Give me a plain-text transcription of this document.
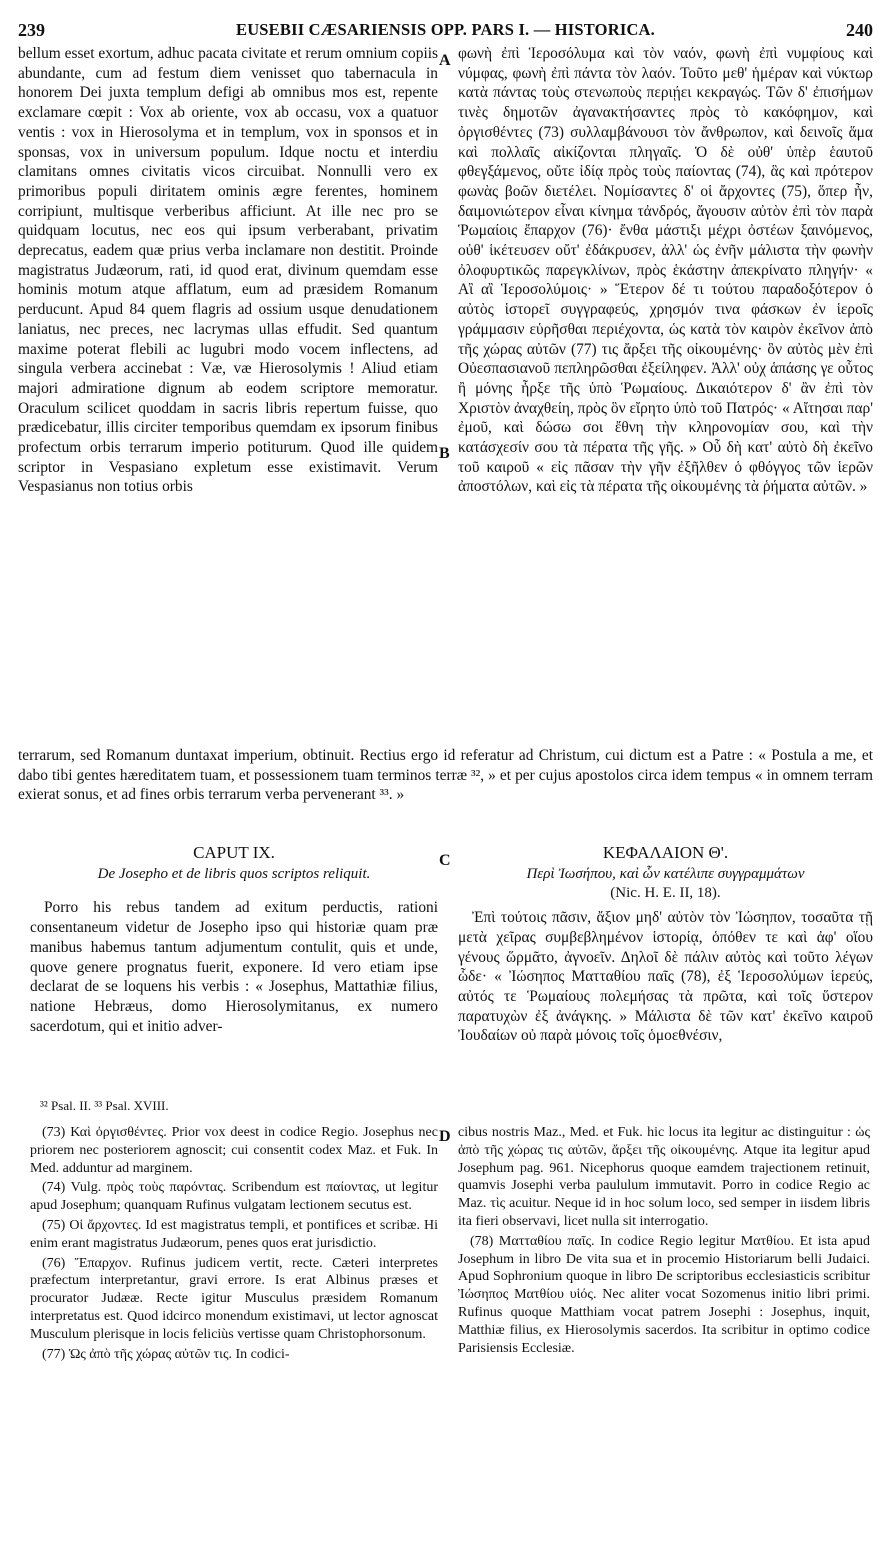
239	EUSEBII CÆSARIENSIS OPP. PARS I. — HISTORICA.	240

bellum esset exortum, adhuc pacata civitate et rerum omnium copiis abundante, cum ad festum diem venisset quo tabernacula in honorem Dei juxta templum defigi ab omnibus mos est, repente exclamare cœpit : Vox ab oriente, vox ab occasu, vox a quatuor ventis : vox in Hierosolyma et in templum, vox in sponsos et in sponsas, vox in universum populum. Idque noctu et interdiu clamitans omnes civitatis vicos circuibat. Nonnulli vero ex primoribus populi diritatem ominis ægre ferentes, hominem corripiunt, multisque verberibus afficiunt. At ille nec pro se quidquam locutus, nec eos qui ipsum verberabant, privatim deprecatus, eadem quæ prius verba inclamare non destitit. Proinde magistratus Judæorum, rati, id quod erat, divinum quemdam esse hominis motum atque afflatum, eum ad præsidem Romanum perducunt. Apud 84 quem flagris ad ossium usque denudationem laniatus, nec preces, nec lacrymas ullas effudit. Sed quantum maxime poterat flebili ac lugubri modo vocem inflectens, ad singula verbera accinebat : Væ, væ Hierosolymis ! Aliud etiam majori admiratione dignum ab eodem scriptore memoratur. Oraculum scilicet quoddam in sacris libris repertum fuisse, quo prædicebatur, illis circiter temporibus quemdam ex ipsorum finibus profectum orbis terrarum imperio potiturum. Quod ille quidem scriptor in Vespasiano expletum esse existimavit. Verum Vespasianus non totius orbis

A
B

φωνὴ ἐπὶ Ἱεροσόλυμα καὶ τὸν ναόν, φωνὴ ἐπὶ νυμφίους καὶ νύμφας, φωνὴ ἐπὶ πάντα τὸν λαόν. Τοῦτο μεθ' ἡμέραν καὶ νύκτωρ κατὰ πάντας τοὺς στενωποὺς περιῄει κεκραγώς. Τῶν δ' ἐπισήμων τινὲς δημοτῶν ἀγανακτήσαντες πρὸς τὸ κακόφημον, καὶ ὀργισθέντες (73) συλλαμβάνουσι τὸν ἄνθρωπον, καὶ δεινοῖς ἅμα καὶ πολλαῖς αἰκίζονται πληγαῖς. Ὁ δὲ οὐθ' ὑπὲρ ἑαυτοῦ φθεγξάμενος, οὔτε ἰδίᾳ πρὸς τοὺς παίοντας (74), ἃς καὶ πρότερον φωνὰς βοῶν διετέλει. Νομίσαντες δ' οἱ ἄρχοντες (75), ὅπερ ἦν, δαιμονιώτερον εἶναι κίνημα τἀνδρός, ἄγουσιν αὐτὸν ἐπὶ τὸν παρὰ Ῥωμαίοις ἔπαρχον (76)· ἔνθα μάστιξι μέχρι ὀστέων ξαινόμενος, οὐθ' ἱκέτευσεν οὔτ' ἐδάκρυσεν, ἀλλ' ὡς ἐνῆν μάλιστα τὴν φωνὴν ὀλοφυρτικῶς παρεγκλίνων, πρὸς ἑκάστην ἀπεκρίνατο πληγήν· « Αἲ αἲ Ἱεροσολύμοις· » Ἕτερον δέ τι τούτου παραδοξότερον ὁ αὐτὸς ἱστορεῖ συγγραφεύς, χρησμόν τινα φάσκων ἐν ἱεροῖς γράμμασιν εὑρῆσθαι περιέχοντα, ὡς κατὰ τὸν καιρὸν ἐκεῖνον ἀπὸ τῆς χώρας αὐτῶν (77) τις ἄρξει τῆς οἰκουμένης· ὃν αὐτὸς μὲν ἐπὶ Οὐεσπασιανοῦ πεπληρῶσθαι ἐξείληφεν. Ἀλλ' οὐχ ἁπάσης γε οὗτος ἢ μόνης ἦρξε τῆς ὑπὸ Ῥωμαίους. Δικαιότερον δ' ἂν ἐπὶ τὸν Χριστὸν ἀναχθείη, πρὸς ὃν εἴρητο ὑπὸ τοῦ Πατρός· « Αἴτησαι παρ' ἐμοῦ, καὶ δώσω σοι ἔθνη τὴν κληρονομίαν σου, καὶ τὴν κατάσχεσίν σου τὰ πέρατα τῆς γῆς. » Οὗ δὴ κατ' αὐτὸ δὴ ἐκεῖνο τοῦ καιροῦ « εἰς πᾶσαν τὴν γῆν ἐξῆλθεν ὁ φθόγγος τῶν ἱερῶν ἀποστόλων, καὶ εἰς τὰ πέρατα τῆς οἰκουμένης τὰ ῥήματα αὐτῶν. »

terrarum, sed Romanum duntaxat imperium, obtinuit. Rectius ergo id referatur ad Christum, cui dictum est a Patre : « Postula a me, et dabo tibi gentes hæreditatem tuam, et possessionem tuam terminos terræ ³², » et per cujus apostolos circa idem tempus « in omnem terram exierat sonus, et ad fines orbis terrarum verba pervenerant ³³. »

C
CAPUT IX.
De Josepho et de libris quos scriptos reliquit.

Porro his rebus tandem ad exitum perductis, rationi consentaneum videtur de Josepho ipso qui historiæ quam præ manibus habemus tantum adjumentum contulit, quis et unde, quove genere prognatus fuerit, exponere. Id vero etiam ipse declarat de se loquens his verbis : « Josephus, Mattathiæ filius, natione Hebræus, domo Hierosolymitanus, ex numero sacerdotum, qui et initio adver-

ΚΕΦΑΛΑΙΟΝ Θ'.
Περὶ Ἰωσήπου, καὶ ὧν κατέλιπε συγγραμμάτων
(Nic. H. E. II, 18).

Ἐπὶ τούτοις πᾶσιν, ἄξιον μηδ' αὐτὸν τὸν Ἰώσηπον, τοσαῦτα τῇ μετὰ χεῖρας συμβεβλημένον ἱστορίᾳ, ὁπόθεν τε καὶ ἀφ' οἵου γένους ὥρμᾶτο, ἀγνοεῖν. Δηλοῖ δὲ πάλιν αὐτὸς καὶ τοῦτο λέγων ὧδε· « Ἰώσηπος Ματταθίου παῖς (78), ἐξ Ἱεροσολύμων ἱερεύς, αὐτός τε Ῥωμαίους πολεμήσας τὰ πρῶτα, καὶ τοῖς ὕστερον παρατυχὼν ἐξ ἀνάγκης. » Μάλιστα δὲ τῶν κατ' ἐκεῖνο καιροῦ Ἰουδαίων οὐ παρὰ μόνοις τοῖς ὁμοεθνέσιν,

³² Psal. II. ³³ Psal. XVIII.
D

(73) Καὶ ὀργισθέντες. Prior vox deest in codice Regio. Josephus nec priorem nec posteriorem agnoscit; cui consentit codex Maz. et Fuk. In Med. adduntur ad marginem.

(74) Vulg. πρὸς τοὺς παρόντας. Scribendum est παίοντας, ut legitur apud Josephum; quanquam Rufinus vulgatam lectionem secutus est.

(75) Οἱ ἄρχοντες. Id est magistratus templi, et pontifices et scribæ. Hi enim erant magistratus Judæorum, penes quos erat jurisdictio.

(76) Ἔπαρχον. Rufinus judicem vertit, recte. Cæteri interpretes præfectum interpretantur, gravi errore. Is erat Albinus præses et procurator Judææ. Recte igitur Musculus præsidem Romanum interpretatus est. Quod idcirco monendum existimavi, ut lector agnoscat Musculum plerisque in locis feliciùs vertisse quam Christophorsonum.

(77) Ὡς ἀπὸ τῆς χώρας αὐτῶν τις. In codici-

cibus nostris Maz., Med. et Fuk. hic locus ita legitur ac distinguitur : ὡς ἀπὸ τῆς χώρας τις αὐτῶν, ἄρξει τῆς οἰκουμένης. Atque ita legitur apud Josephum pag. 961. Nicephorus quoque eamdem trajectionem retinuit, quamvis Josephi verba paululum immutavit. Porro in codice Regio ac Maz. τὶς acuitur. Neque id in hoc solum loco, sed semper in iisdem libris ita fieri observavi, licet nulla sit interrogatio.

(78) Ματταθίου παῖς. In codice Regio legitur Ματθίου. Et ista apud Josephum in libro De vita sua et in procemio Historiarum belli Judaici. Apud Sophronium quoque in libro De scriptoribus ecclesiasticis scribitur Ἰώσηπος Ματθίου υἱός. Nec aliter vocat Sozomenus initio libri primi. Rufinus quoque Matthiam vocat patrem Josephi : Josephus, inquit, Matthiæ filius, ex Hierosolymis sacerdos. Ita scribitur in optimo codice Parisiensis Ecclesiæ.
